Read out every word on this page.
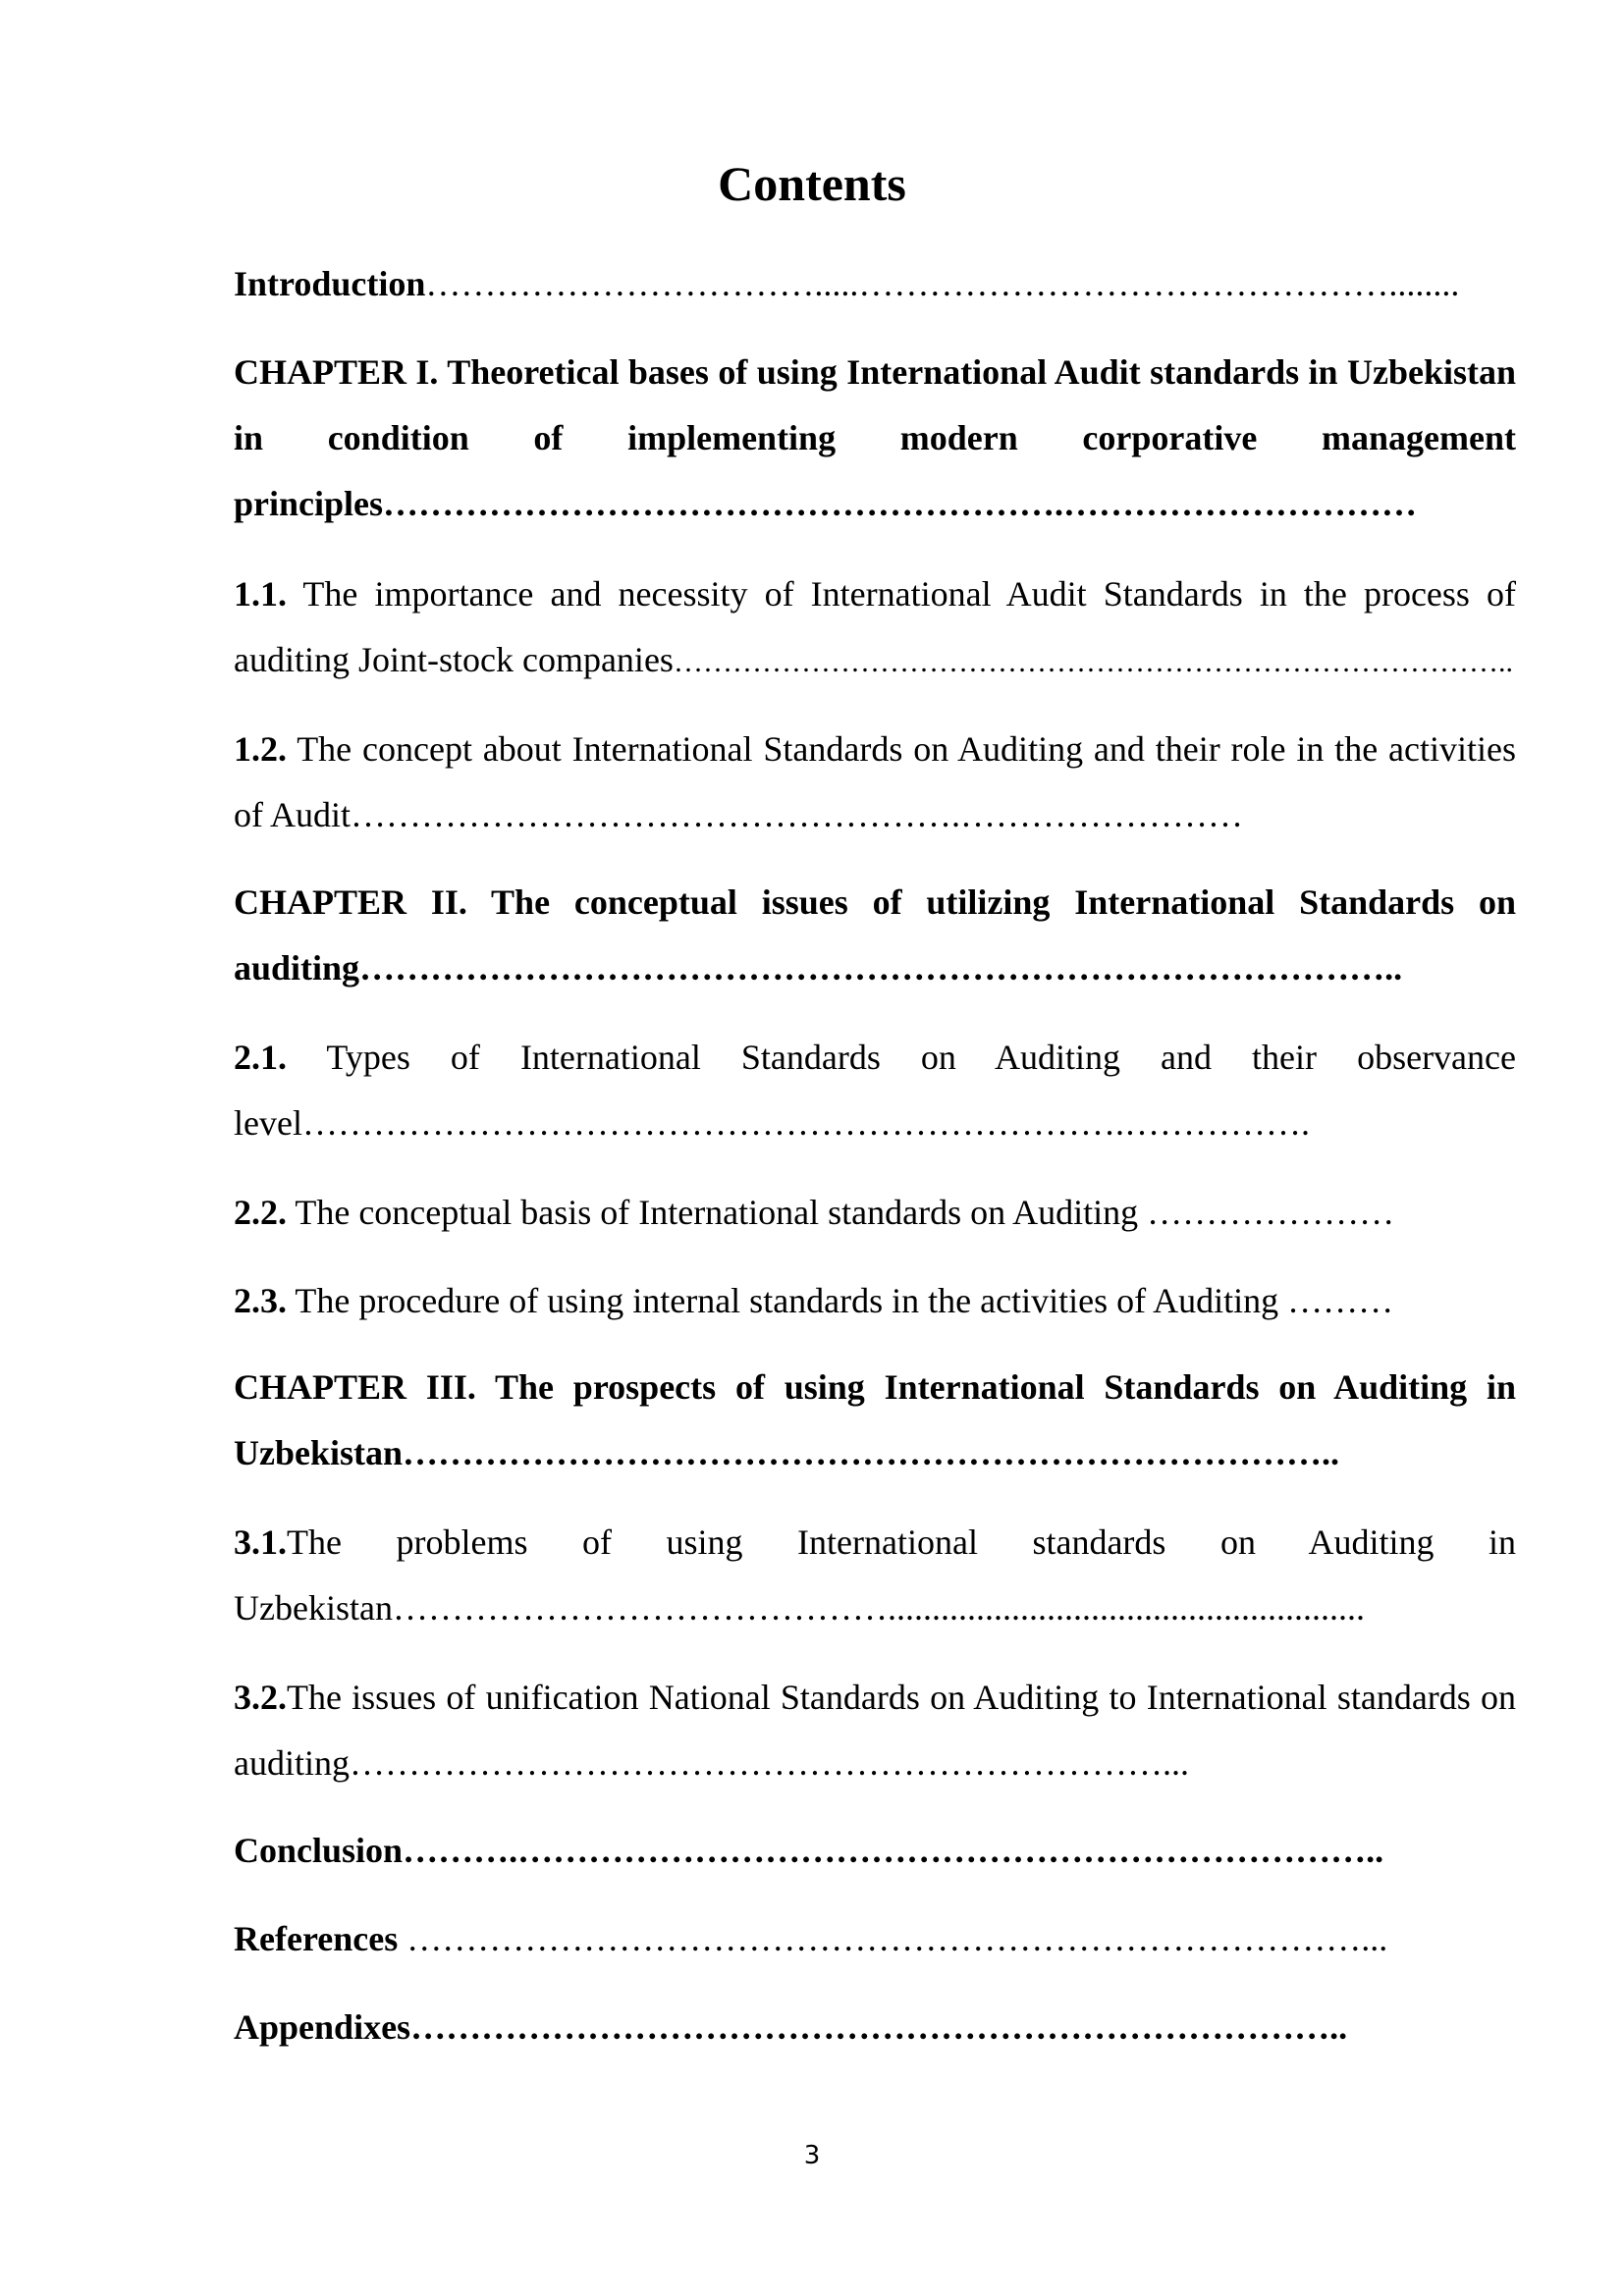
Contents

Introduction…………………………….....………………………………………........

CHAPTER I. Theoretical bases of using International Audit standards in Uzbekistan in condition of implementing modern corporative management principles………………………………………………….…………………………

1.1. The importance and necessity of International Audit Standards in the process of auditing Joint-stock companies…………………………………………………………………………..

1.2. The concept about International Standards on Auditing and their role in the activities of Audit…………………………………………….……………………

CHAPTER II. The conceptual issues of utilizing International Standards on auditing……………………………………………………………………………..

2.1. Types of International Standards on Auditing and their observance level…………………………………………………………….…………….

2.2. The conceptual basis of International standards on Auditing …………………

2.3. The procedure of using internal standards in the activities of Auditing ………

CHAPTER III. The prospects of using International Standards on Auditing in Uzbekistan……………………………………………………………………..

3.1.The problems of using International standards on Auditing in Uzbekistan……………………………………......................................................

3.2.The issues of unification National Standards on Auditing to International standards on auditing……………………………………………………………...

Conclusion……….………………………………………………………………..

References ………………………………………………………………………...

Appendixes……………………………………………………………………..

3
